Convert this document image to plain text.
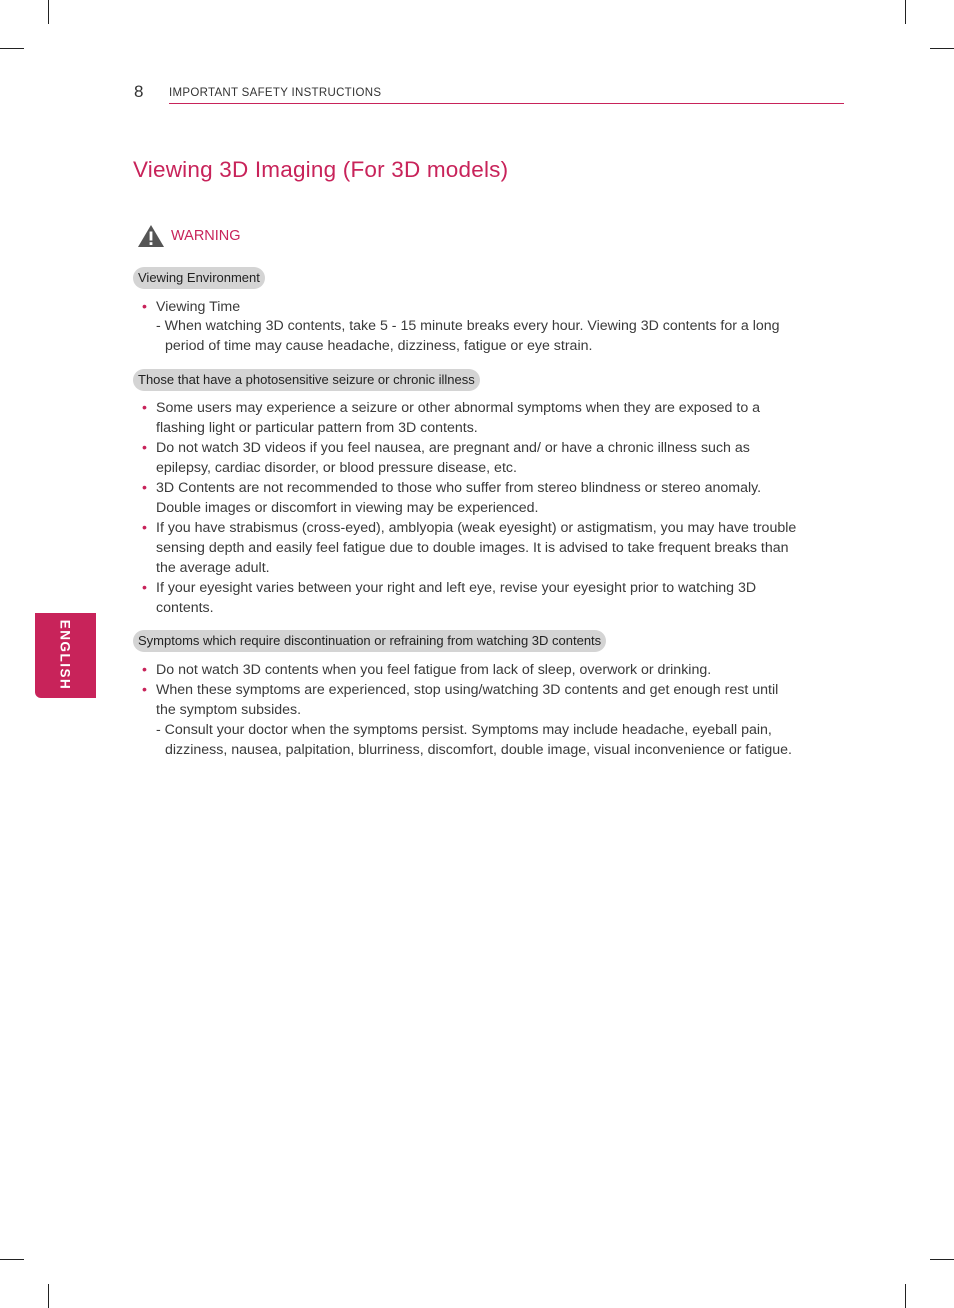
8 IMPORTANT SAFETY INSTRUCTIONS
Viewing 3D Imaging (For 3D models)
WARNING
Viewing Environment
• Viewing Time
- When watching 3D contents, take 5 - 15 minute breaks every hour. Viewing 3D contents for a long
period of time may cause headache, dizziness, fatigue or eye strain.
Those that have a photosensitive seizure or chronic illness
• Some users may experience a seizure or other abnormal symptoms when they are exposed to a
flashing light or particular pattern from 3D contents.
• Do not watch 3D videos if you feel nausea, are pregnant and/ or have a chronic illness such as
epilepsy, cardiac disorder, or blood pressure disease, etc.
• 3D Contents are not recommended to those who suffer from stereo blindness or stereo anomaly.
Double images or discomfort in viewing may be experienced.
• If you have strabismus (cross-eyed), amblyopia (weak eyesight) or astigmatism, you may have trouble
sensing depth and easily feel fatigue due to double images. It is advised to take frequent breaks than
the average adult.
• If your eyesight varies between your right and left eye, revise your eyesight prior to watching 3D
contents.
Symptoms which require discontinuation or refraining from watching 3D contents
• Do not watch 3D contents when you feel fatigue from lack of sleep, overwork or drinking.
• When these symptoms are experienced, stop using/watching 3D contents and get enough rest until
the symptom subsides.
- Consult your doctor when the symptoms persist. Symptoms may include headache, eyeball pain,
dizziness, nausea, palpitation, blurriness, discomfort, double image, visual inconvenience or fatigue.
ENGLISH
